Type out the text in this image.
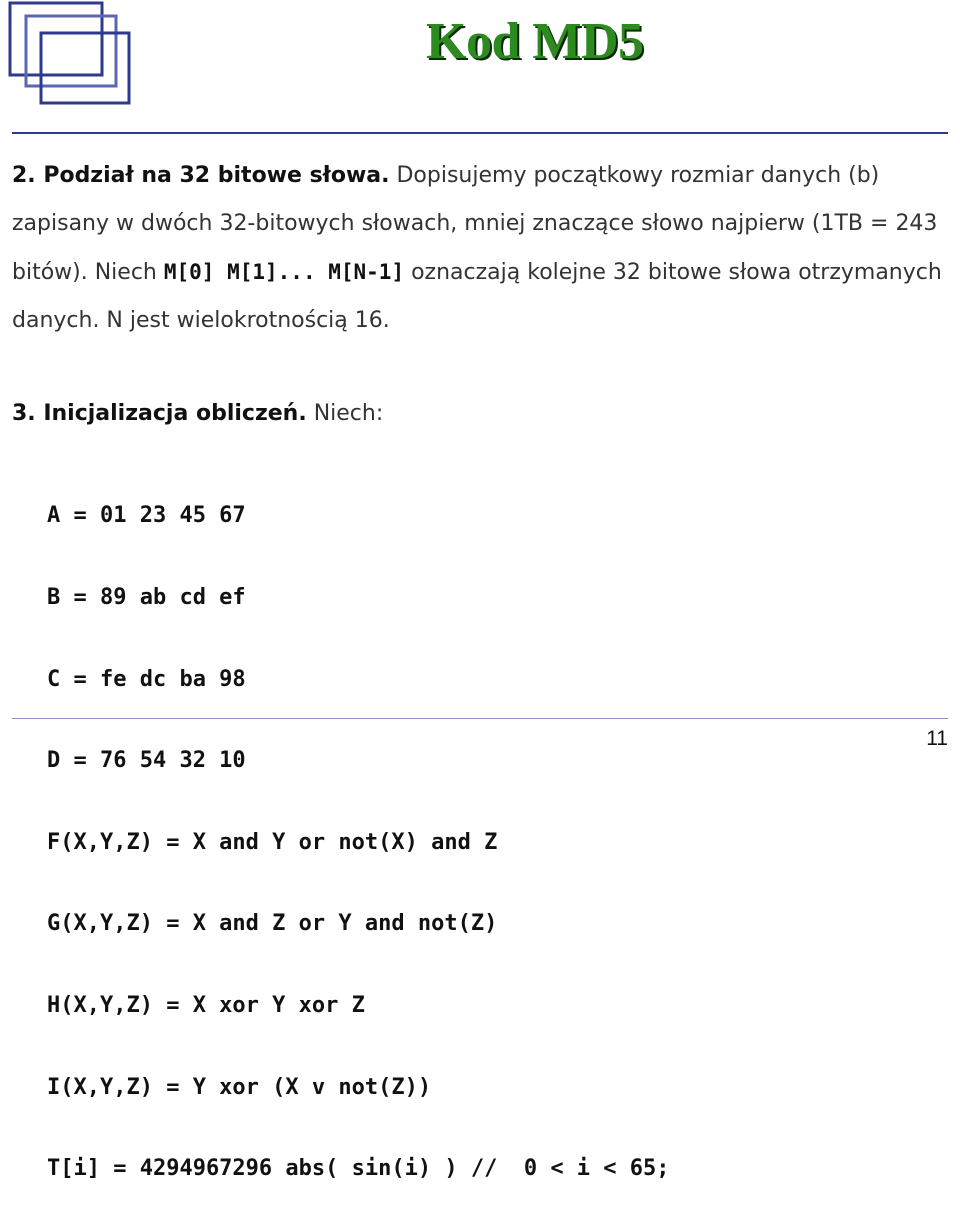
Kod MD5
2. Podział na 32 bitowe słowa. Dopisujemy początkowy rozmiar danych (b) zapisany w dwóch 32-bitowych słowach, mniej znaczące słowo najpierw (1TB = 243 bitów). Niech M[0] M[1]... M[N-1] oznaczają kolejne 32 bitowe słowa otrzymanych danych. N jest wielokrotnością 16.
3. Inicjalizacja obliczeń. Niech:

A = 01 23 45 67

B = 89 ab cd ef

C = fe dc ba 98

D = 76 54 32 10

F(X,Y,Z) = X and Y or not(X) and Z

G(X,Y,Z) = X and Z or Y and not(Z)

H(X,Y,Z) = X xor Y xor Z

I(X,Y,Z) = Y xor (X v not(Z))

T[i] = 4294967296 abs( sin(i) ) //  0 < i < 65;

11
